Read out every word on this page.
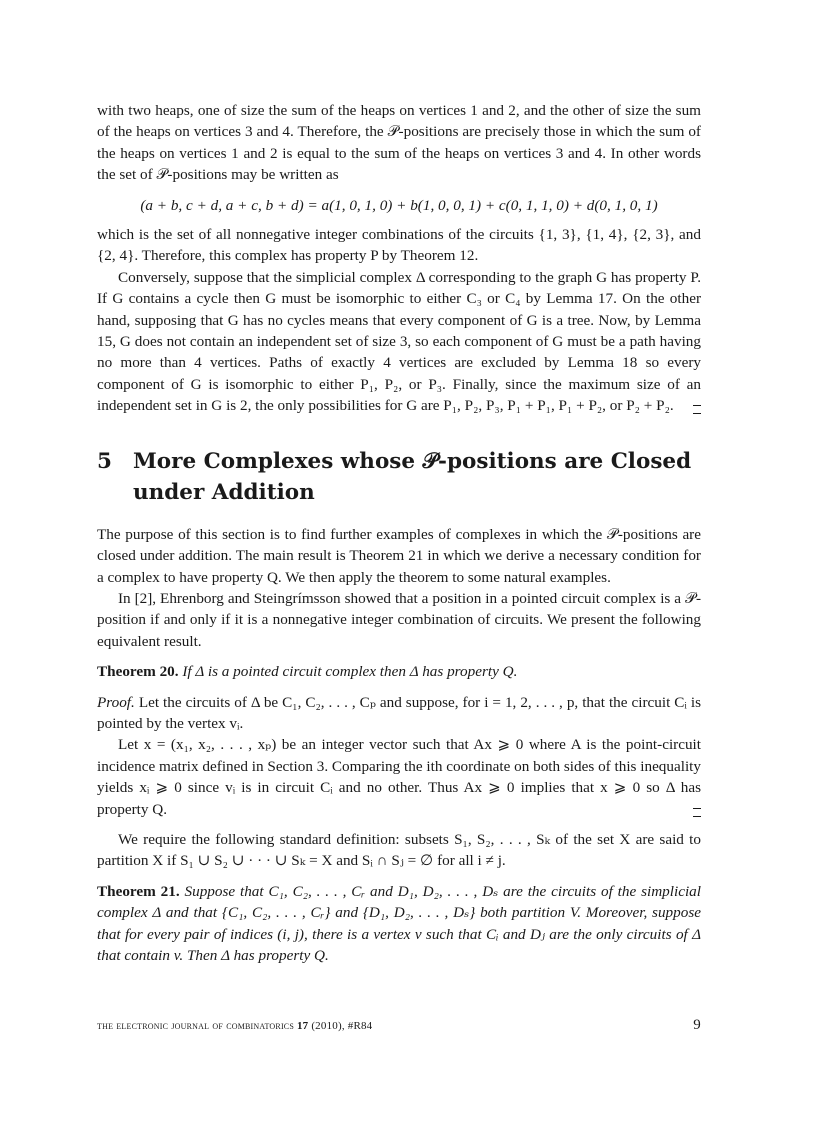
with two heaps, one of size the sum of the heaps on vertices 1 and 2, and the other of size the sum of the heaps on vertices 3 and 4. Therefore, the 𝒫-positions are precisely those in which the sum of the heaps on vertices 1 and 2 is equal to the sum of the heaps on vertices 3 and 4. In other words the set of 𝒫-positions may be written as

(a + b, c + d, a + c, b + d) = a(1, 0, 1, 0) + b(1, 0, 0, 1) + c(0, 1, 1, 0) + d(0, 1, 0, 1)

which is the set of all nonnegative integer combinations of the circuits {1, 3}, {1, 4}, {2, 3}, and {2, 4}. Therefore, this complex has property P by Theorem 12.

Conversely, suppose that the simplicial complex Δ corresponding to the graph G has property P. If G contains a cycle then G must be isomorphic to either C₃ or C₄ by Lemma 17. On the other hand, supposing that G has no cycles means that every component of G is a tree. Now, by Lemma 15, G does not contain an independent set of size 3, so each component of G must be a path having no more than 4 vertices. Paths of exactly 4 vertices are excluded by Lemma 18 so every component of G is isomorphic to either P₁, P₂, or P₃. Finally, since the maximum size of an independent set in G is 2, the only possibilities for G are P₁, P₂, P₃, P₁ + P₁, P₁ + P₂, or P₂ + P₂.

5 More Complexes whose 𝒫-positions are Closed under Addition

The purpose of this section is to find further examples of complexes in which the 𝒫-positions are closed under addition. The main result is Theorem 21 in which we derive a necessary condition for a complex to have property Q. We then apply the theorem to some natural examples.

In [2], Ehrenborg and Steingrímsson showed that a position in a pointed circuit complex is a 𝒫-position if and only if it is a nonnegative integer combination of circuits. We present the following equivalent result.

Theorem 20. If Δ is a pointed circuit complex then Δ has property Q.

Proof. Let the circuits of Δ be C₁, C₂, . . . , Cₚ and suppose, for i = 1, 2, . . . , p, that the circuit Cᵢ is pointed by the vertex vᵢ.

Let x = (x₁, x₂, . . . , xₚ) be an integer vector such that Ax ⩾ 0 where A is the point-circuit incidence matrix defined in Section 3. Comparing the ith coordinate on both sides of this inequality yields xᵢ ⩾ 0 since vᵢ is in circuit Cᵢ and no other. Thus Ax ⩾ 0 implies that x ⩾ 0 so Δ has property Q.

We require the following standard definition: subsets S₁, S₂, . . . , Sₖ of the set X are said to partition X if S₁ ∪ S₂ ∪ · · · ∪ Sₖ = X and Sᵢ ∩ Sⱼ = ∅ for all i ≠ j.

Theorem 21. Suppose that C₁, C₂, . . . , Cᵣ and D₁, D₂, . . . , Dₛ are the circuits of the simplicial complex Δ and that {C₁, C₂, . . . , Cᵣ} and {D₁, D₂, . . . , Dₛ} both partition V. Moreover, suppose that for every pair of indices (i, j), there is a vertex v such that Cᵢ and Dⱼ are the only circuits of Δ that contain v. Then Δ has property Q.

the electronic journal of combinatorics 17 (2010), #R84	9
